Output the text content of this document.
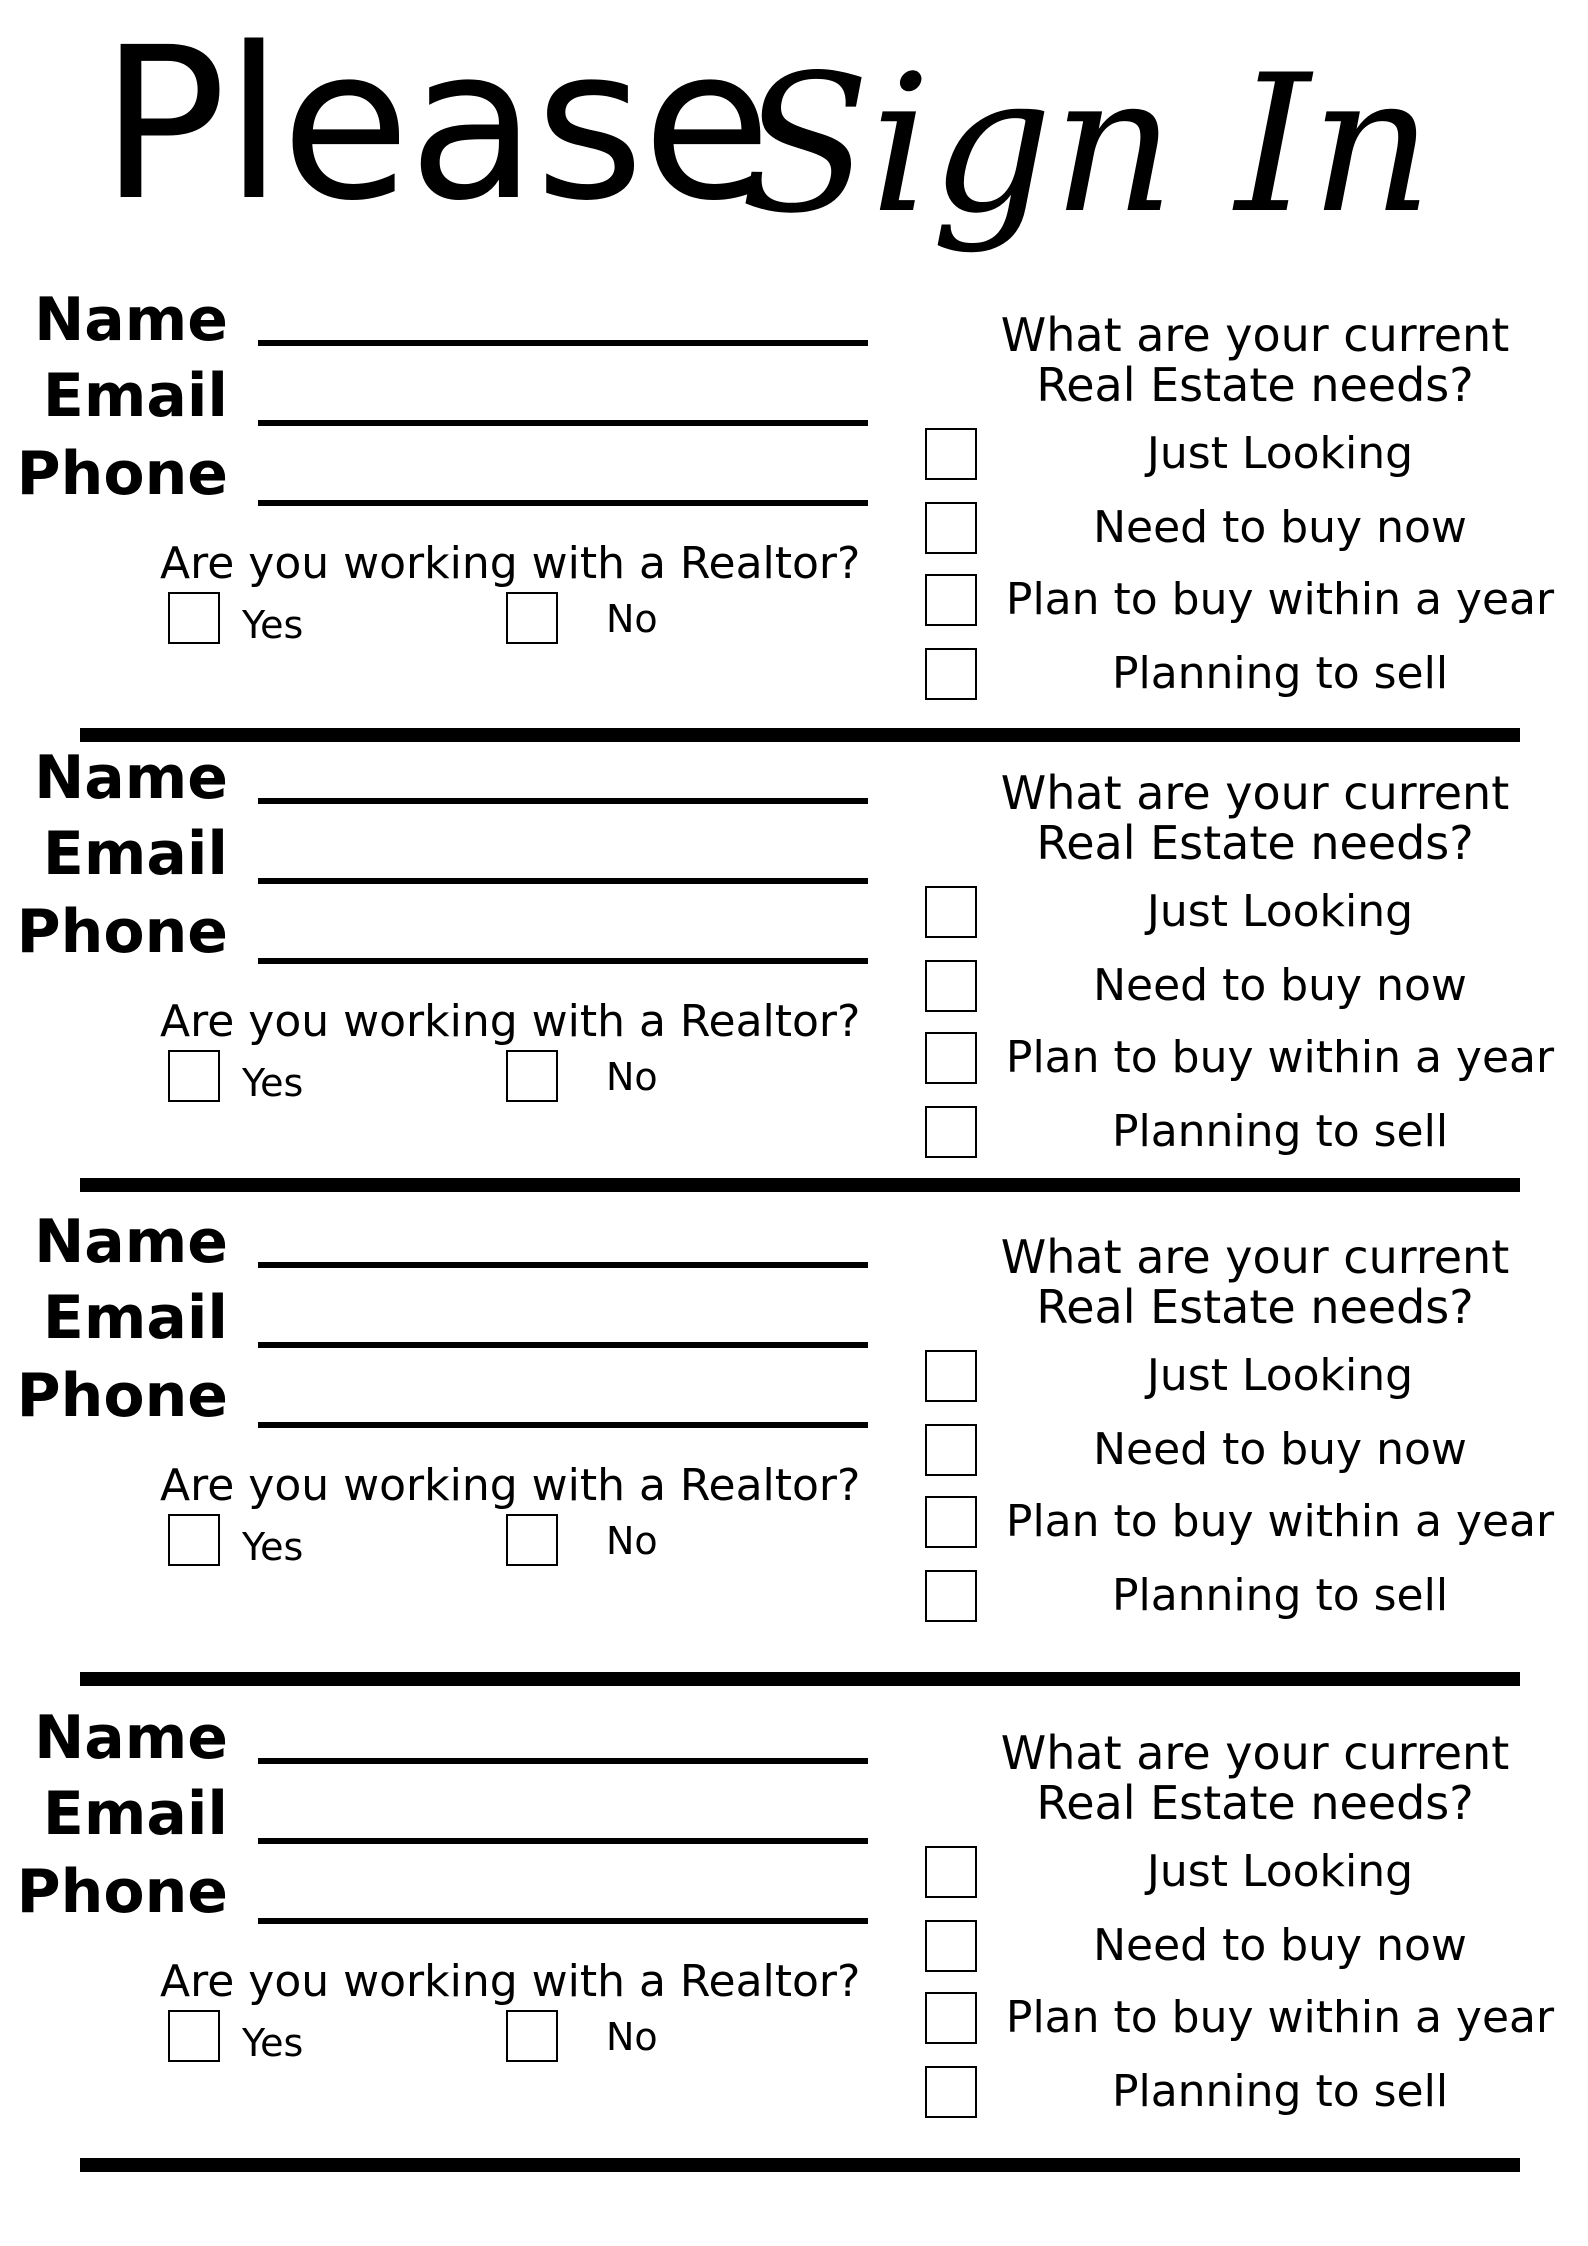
Please
Sign In
Name
Email
Phone
Are you working with a Realtor?
Yes	No
What are your current
Real Estate needs?
Just Looking
Need to buy now
Plan to buy within a year
Planning to sell
Name
Email
Phone
Are you working with a Realtor?
Yes	No
What are your current
Real Estate needs?
Just Looking
Need to buy now
Plan to buy within a year
Planning to sell
Name
Email
Phone
Are you working with a Realtor?
Yes	No
What are your current
Real Estate needs?
Just Looking
Need to buy now
Plan to buy within a year
Planning to sell
Name
Email
Phone
Are you working with a Realtor?
Yes	No
What are your current
Real Estate needs?
Just Looking
Need to buy now
Plan to buy within a year
Planning to sell
